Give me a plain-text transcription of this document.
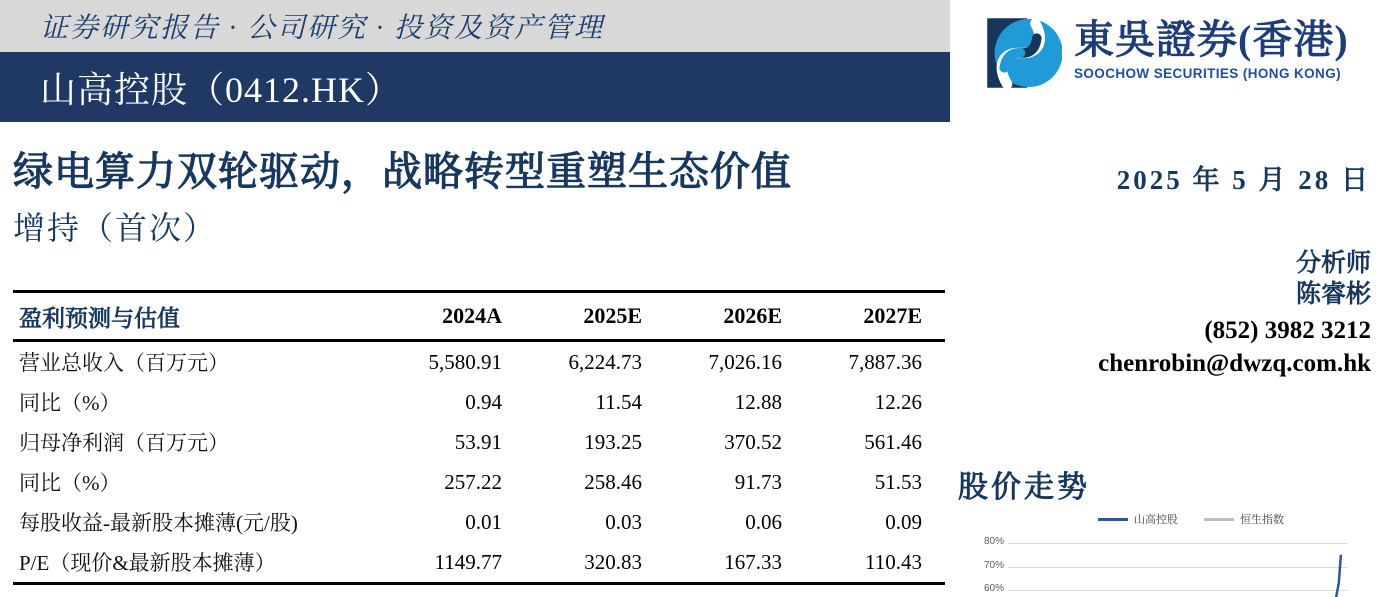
证券研究报告 · 公司研究 · 投资及资产管理
山高控股（0412.HK）
绿电算力双轮驱动，战略转型重塑生态价值
增持（首次）
盈利预测与估值	2024A	2025E	2026E	2027E
营业总收入（百万元）	5,580.91	6,224.73	7,026.16	7,887.36
同比（%）	0.94	11.54	12.88	12.26
归母净利润（百万元）	53.91	193.25	370.52	561.46
同比（%）	257.22	258.46	91.73	51.53
每股收益-最新股本摊薄(元/股)	0.01	0.03	0.06	0.09
P/E（现价&最新股本摊薄）	1149.77	320.83	167.33	110.43
東吳證券(香港)
SOOCHOW SECURITIES (HONG KONG)
2025 年 5 月 28 日
分析师
陈睿彬
(852) 3982 3212
chenrobin@dwzq.com.hk
股价走势
山高控股	恒生指数
80%
70%
60%
